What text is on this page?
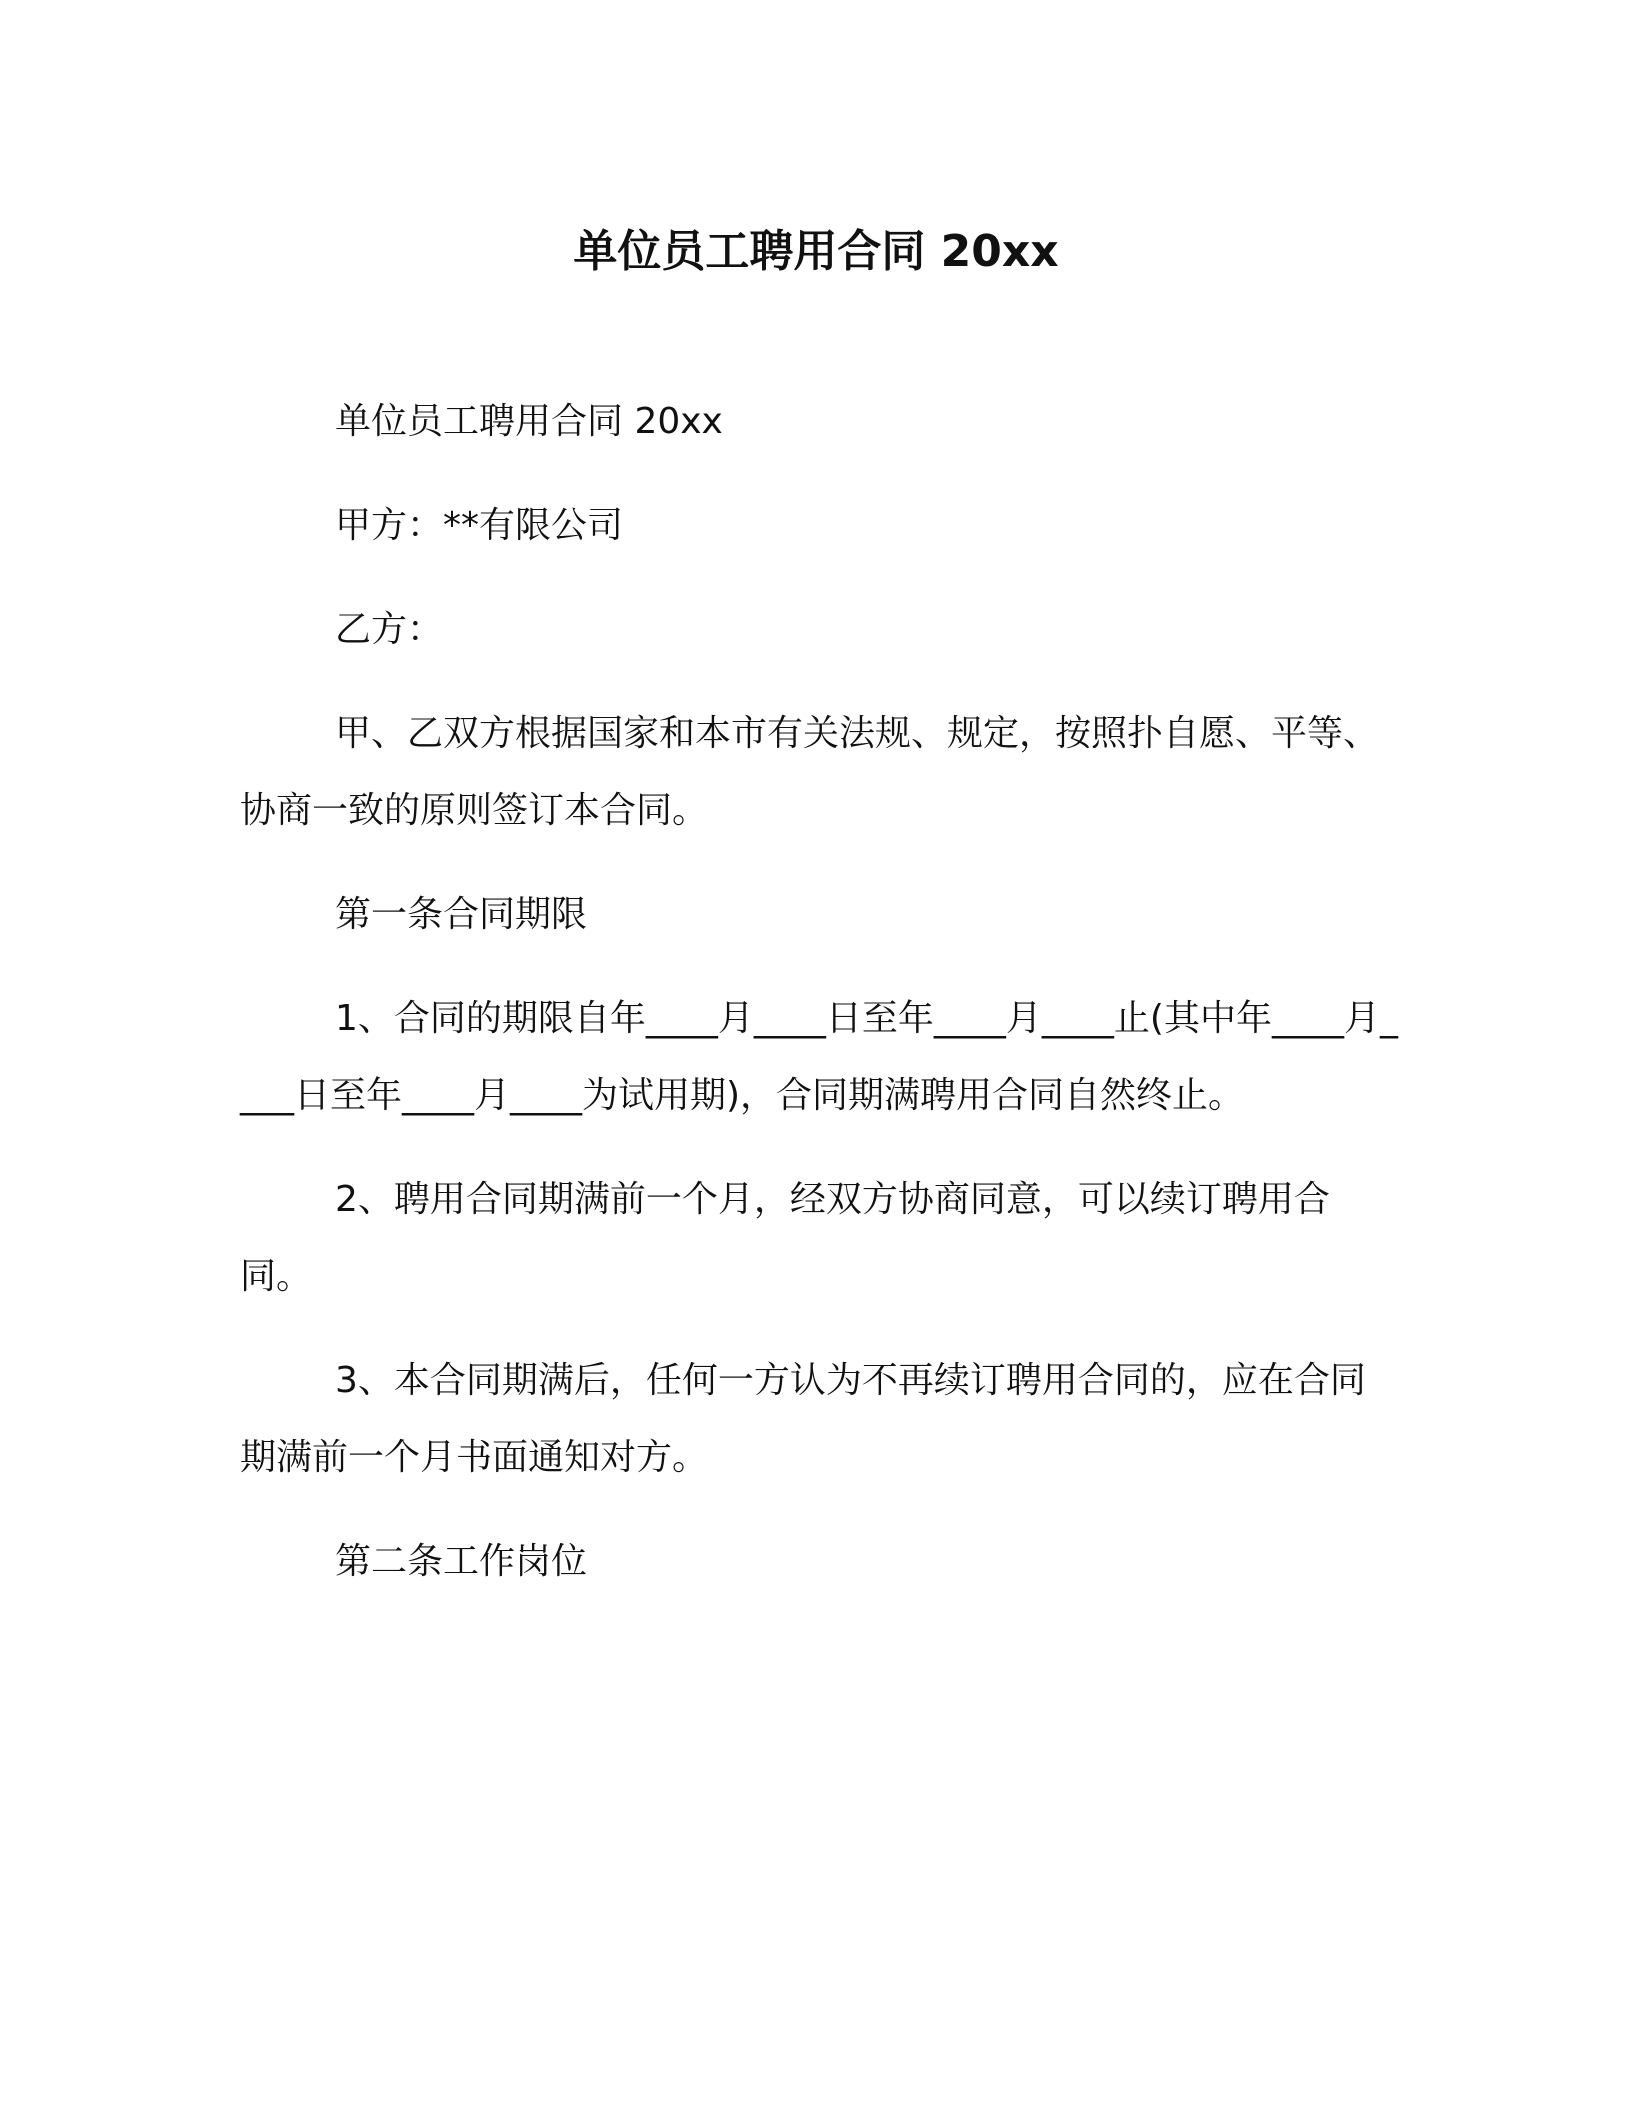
单位员工聘用合同 20xx

单位员工聘用合同 20xx

甲方：**有限公司

乙方：

甲、乙双方根据国家和本市有关法规、规定，按照扑自愿、平等、协商一致的原则签订本合同。

第一条合同期限

1、合同的期限自年____月____日至年____月____止(其中年____月____日至年____月____为试用期)，合同期满聘用合同自然终止。

2、聘用合同期满前一个月，经双方协商同意，可以续订聘用合同。

3、本合同期满后，任何一方认为不再续订聘用合同的，应在合同期满前一个月书面通知对方。

第二条工作岗位
